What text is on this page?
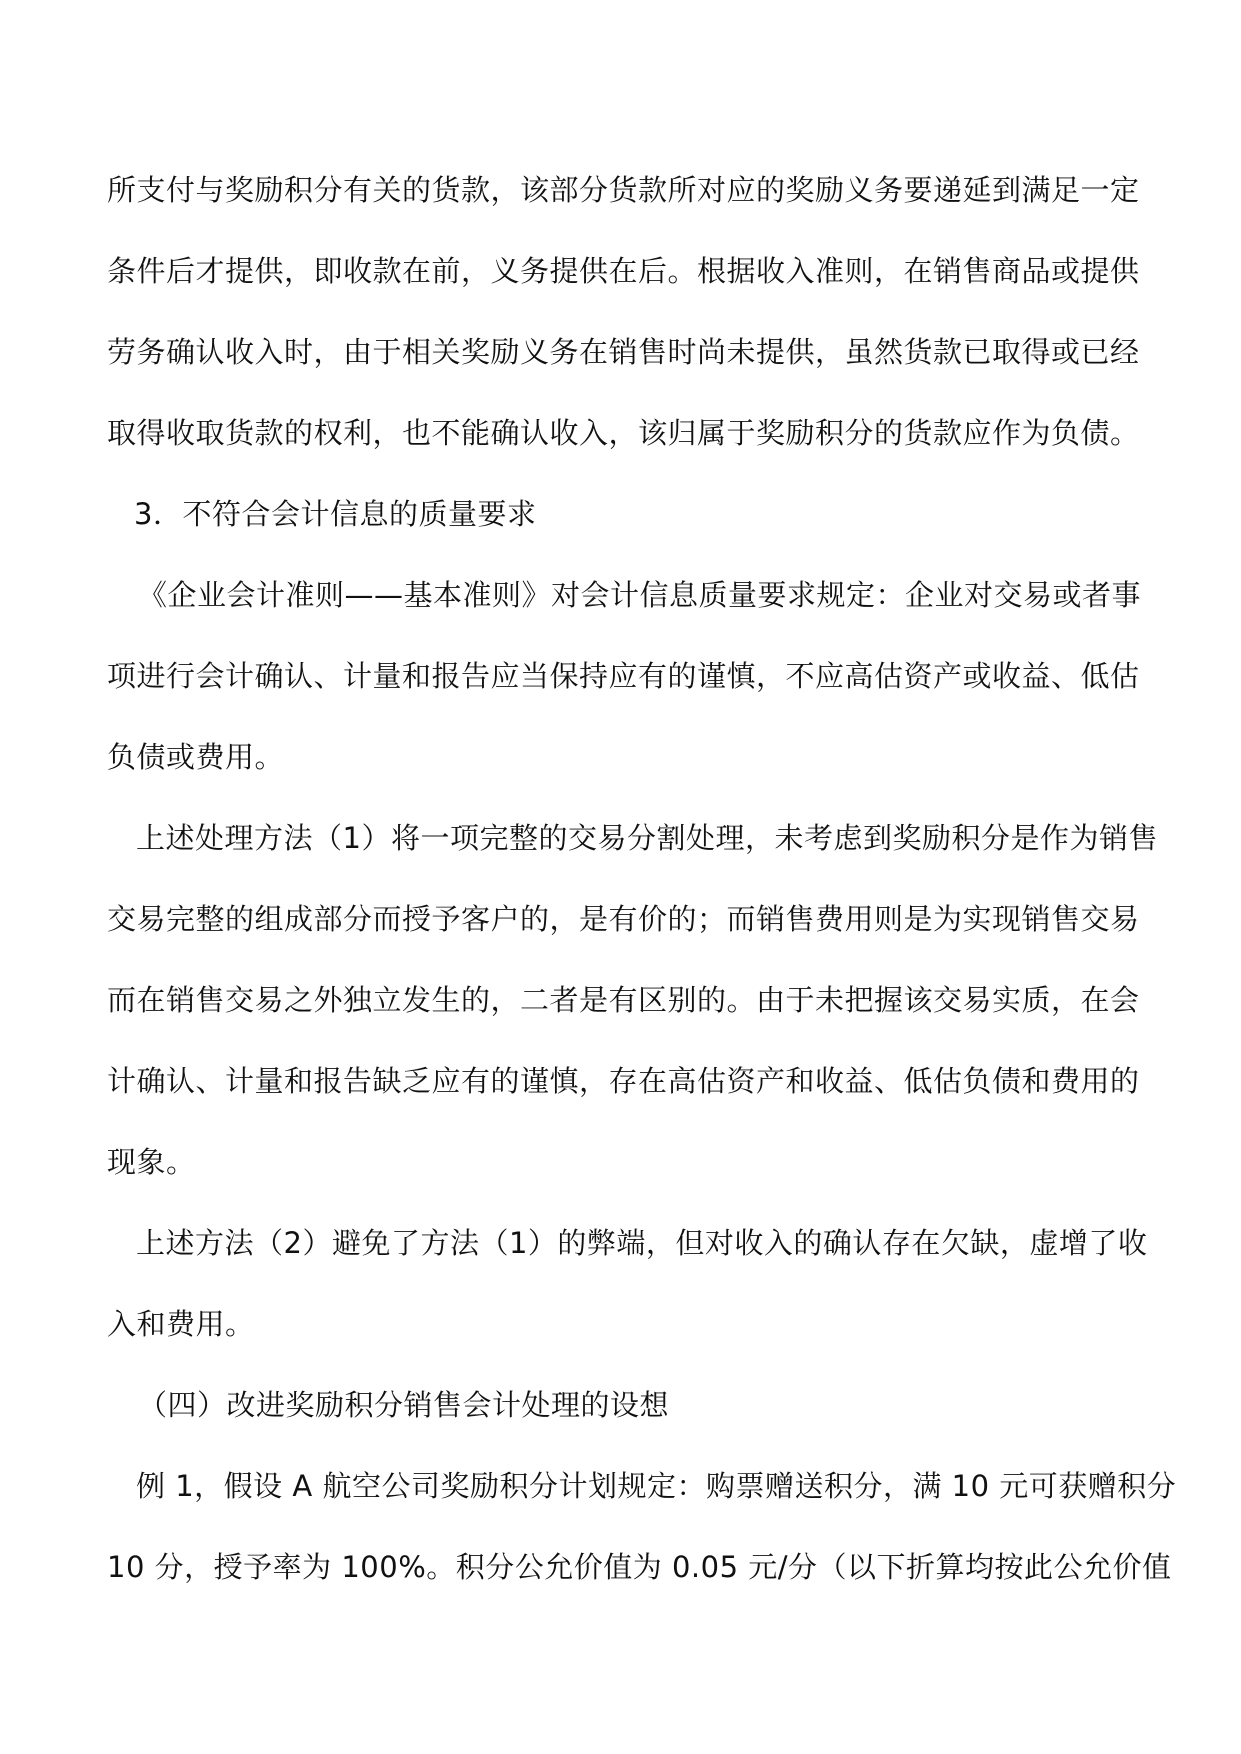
所支付与奖励积分有关的货款，该部分货款所对应的奖励义务要递延到满足一定
条件后才提供，即收款在前，义务提供在后。根据收入准则，在销售商品或提供
劳务确认收入时，由于相关奖励义务在销售时尚未提供，虽然货款已取得或已经
取得收取货款的权利，也不能确认收入，该归属于奖励积分的货款应作为负债。
3．不符合会计信息的质量要求
《企业会计准则——基本准则》对会计信息质量要求规定：企业对交易或者事
项进行会计确认、计量和报告应当保持应有的谨慎，不应高估资产或收益、低估
负债或费用。
上述处理方法（1）将一项完整的交易分割处理，未考虑到奖励积分是作为销售
交易完整的组成部分而授予客户的，是有价的；而销售费用则是为实现销售交易
而在销售交易之外独立发生的，二者是有区别的。由于未把握该交易实质，在会
计确认、计量和报告缺乏应有的谨慎，存在高估资产和收益、低估负债和费用的
现象。
上述方法（2）避免了方法（1）的弊端，但对收入的确认存在欠缺，虚增了收
入和费用。
（四）改进奖励积分销售会计处理的设想
例 1，假设 A 航空公司奖励积分计划规定：购票赠送积分，满 10 元可获赠积分
10 分，授予率为 100%。积分公允价值为 0.05 元/分（以下折算均按此公允价值
